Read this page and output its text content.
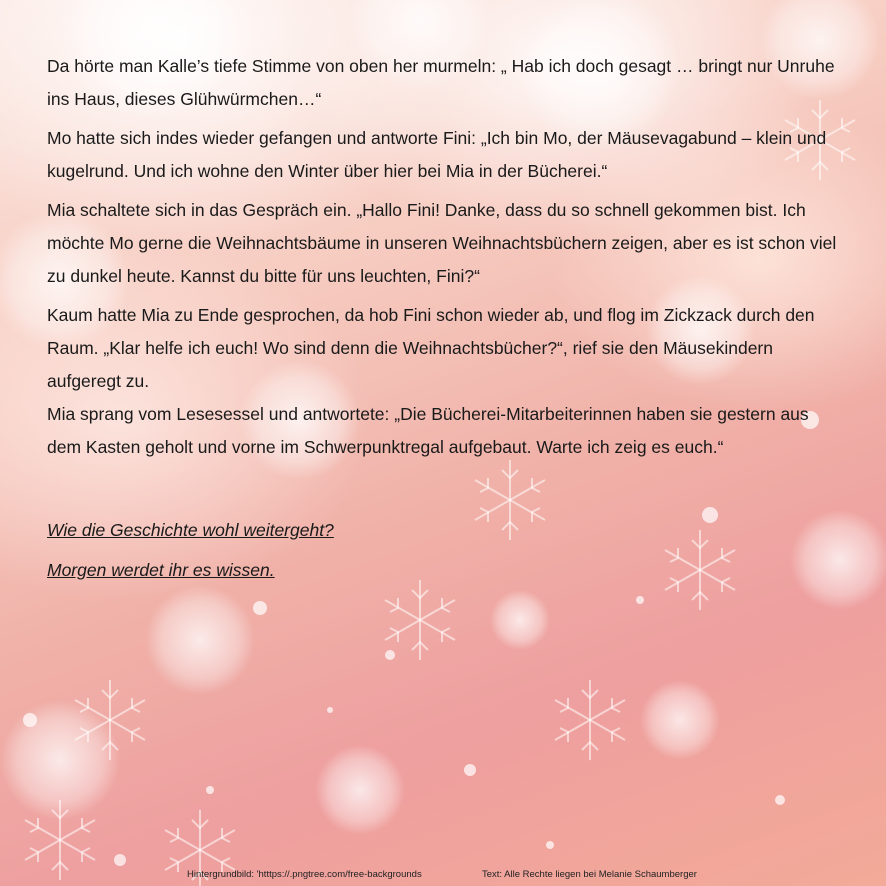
Da hörte man Kalle’s tiefe Stimme von oben her murmeln: „ Hab ich doch gesagt … bringt nur Unruhe ins Haus, dieses Glühwürmchen…“

Mo hatte sich indes wieder gefangen und antworte Fini: „Ich bin Mo, der Mäusevagabund – klein und kugelrund. Und ich wohne den Winter über hier bei Mia in der Bücherei.“

Mia schaltete sich in das Gespräch ein. „Hallo Fini! Danke, dass du so schnell gekommen bist. Ich möchte Mo gerne die Weihnachtsbäume in unseren Weihnachtsbüchern zeigen, aber es ist schon viel zu dunkel heute. Kannst du bitte für uns leuchten, Fini?“

Kaum hatte Mia zu Ende gesprochen, da hob Fini schon wieder ab, und flog im Zickzack durch den Raum. „Klar helfe ich euch! Wo sind denn die Weihnachtsbücher?“, rief sie den Mäusekindern aufgeregt zu.

Mia sprang vom Lesesessel und antwortete: „Die Bücherei-Mitarbeiterinnen haben sie gestern aus dem Kasten geholt und vorne im Schwerpunktregal aufgebaut. Warte ich zeig es euch.“

Wie die Geschichte wohl weitergeht?

Morgen werdet ihr es wissen.

Hintergrundbild: 'htttps://.pngtree.com/free-backgrounds	Text: Alle Rechte liegen bei Melanie Schaumberger
